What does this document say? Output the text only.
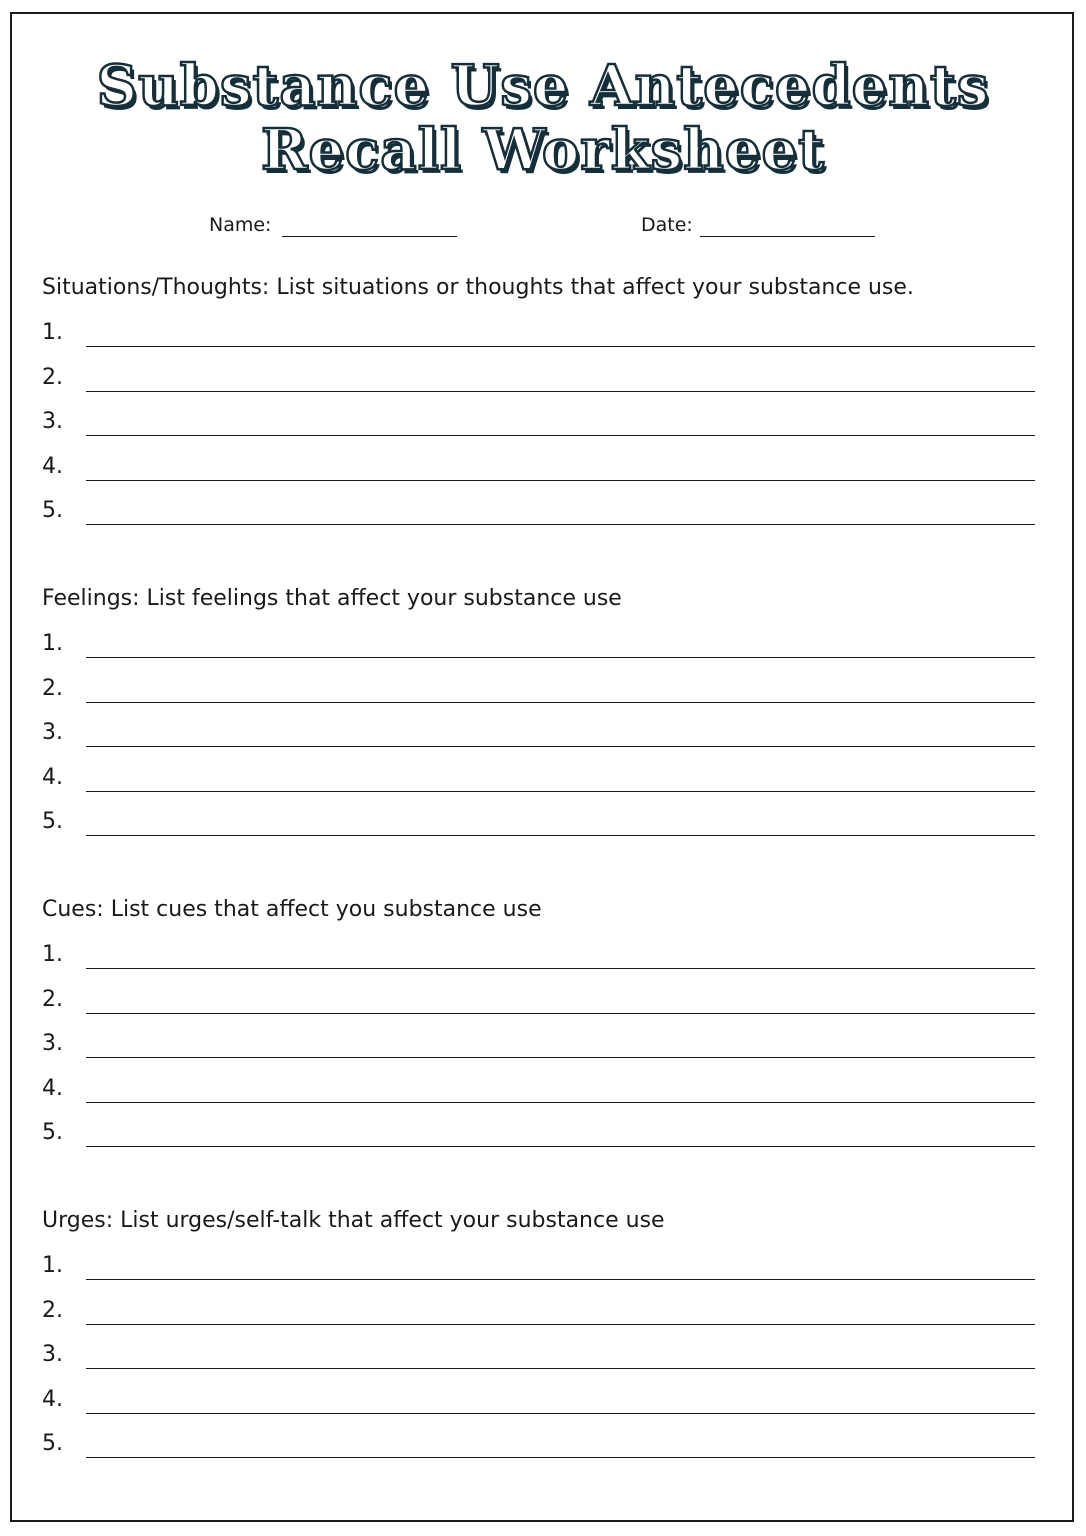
Substance Use Antecedents
Recall Worksheet
Name:	Date:
Situations/Thoughts: List situations or thoughts that affect your substance use.
1.
2.
3.
4.
5.
Feelings: List feelings that affect your substance use
1.
2.
3.
4.
5.
Cues: List cues that affect you substance use
1.
2.
3.
4.
5.
Urges: List urges/self-talk that affect your substance use
1.
2.
3.
4.
5.
